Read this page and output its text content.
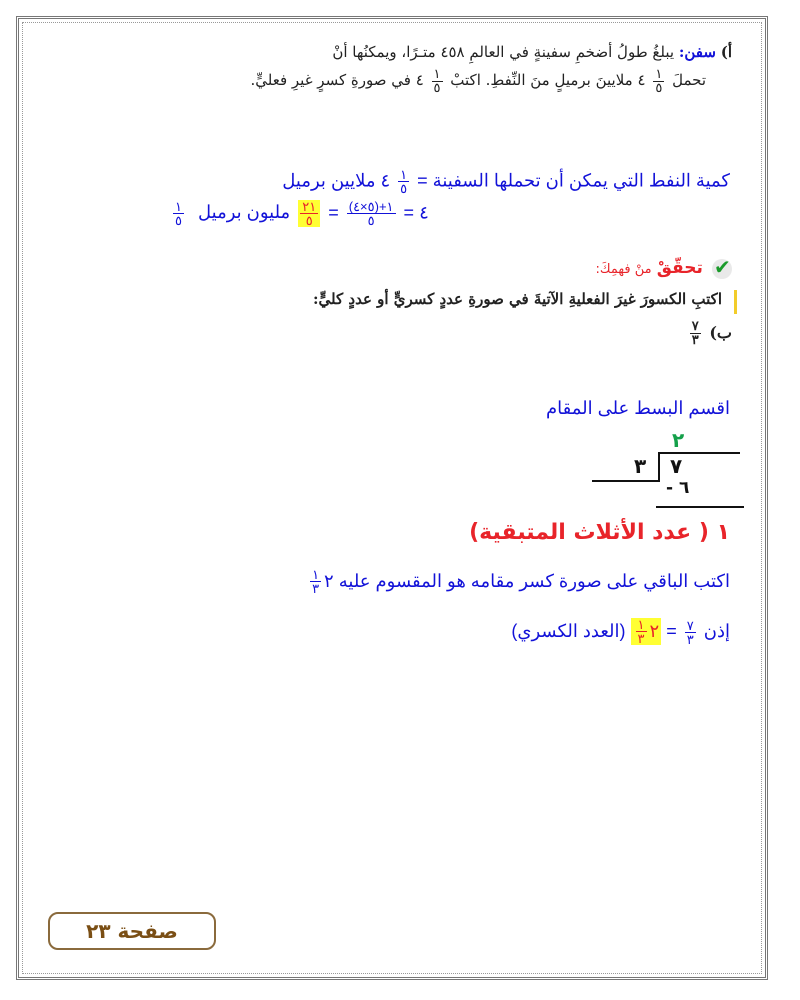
أ) سفن: يبلغُ طولُ أضخمِ سفينةٍ في العالمِ ٤٥٨ متـرًا، ويمكنُها أنْ
تحملَ
$\frac{١}{٥}$
٤ ملايينَ برميلٍ منَ النِّفطِ. اكتبْ
$\frac{١}{٥}$
٤ في صورةِ كسرٍ غيرِ فعليٍّ.
كمية النفط التي يمكن أن تحملها السفينة =
$\frac{١}{٥}$
٤ ملايين برميل
$\frac{١}{٥}$	٤ =
$\frac{(٥\times ٤)+١}{٥}$
=
$\frac{٢١}{٥}$
مليون برميل
✔ تحقّقْ منْ فهمِكَ:
اكتبِ الكسورَ غيرَ الفعليةِ الآتيةَ في صورةِ عددٍ كسريٍّ أو عددٍ كليٍّ:
ب)
$\frac{٧}{٣}$
اقسم البسط على المقام
٢
٣ ٧
٦ -
١ ( عدد الأثلاث المتبقية)
اكتب الباقي على صورة كسر مقامه هو المقسوم عليه
٢
$\frac{١}{٣}$
إذن
$\frac{٧}{٣}$
=
٢
$\frac{١}{٣}$
(العدد الكسري)
صفحة ٢٣
